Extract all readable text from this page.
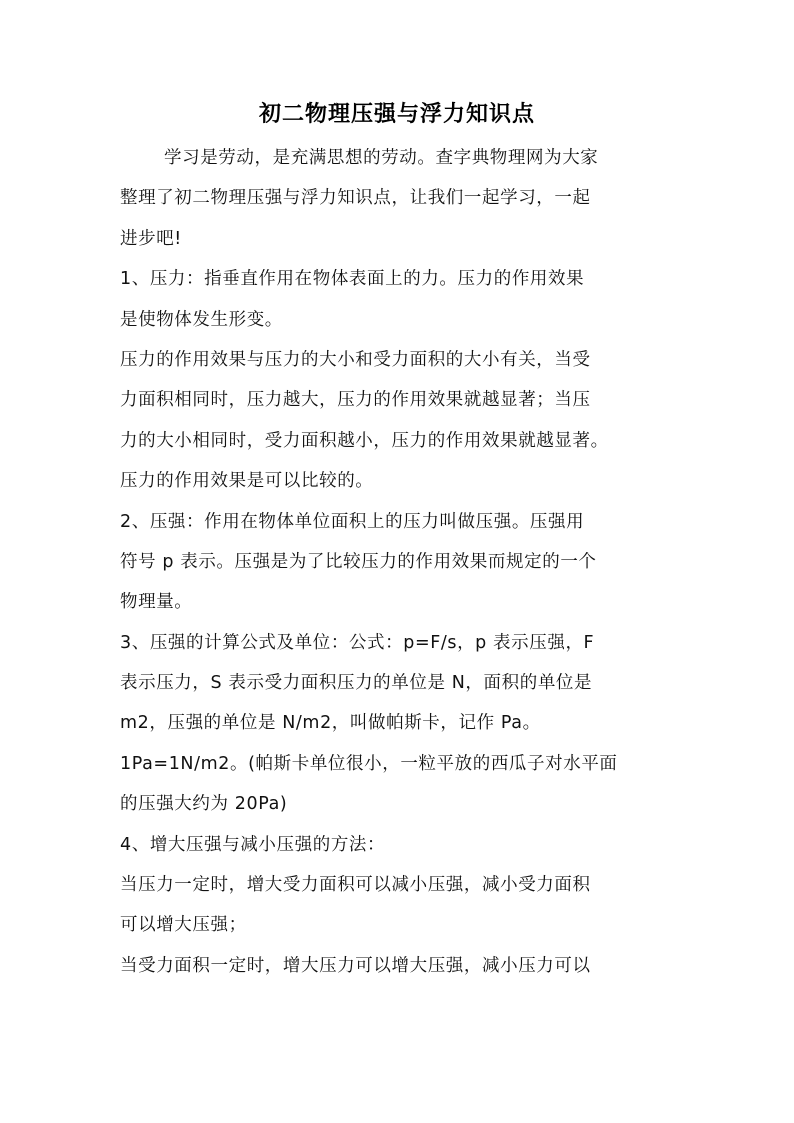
初二物理压强与浮力知识点
学习是劳动，是充满思想的劳动。查字典物理网为大家
整理了初二物理压强与浮力知识点，让我们一起学习，一起
进步吧!
1、压力：指垂直作用在物体表面上的力。压力的作用效果
是使物体发生形变。
压力的作用效果与压力的大小和受力面积的大小有关，当受
力面积相同时，压力越大，压力的作用效果就越显著；当压
力的大小相同时，受力面积越小，压力的作用效果就越显著。
压力的作用效果是可以比较的。
2、压强：作用在物体单位面积上的压力叫做压强。压强用
符号 p 表示。压强是为了比较压力的作用效果而规定的一个
物理量。
3、压强的计算公式及单位：公式：p=F/s，p 表示压强，F
表示压力，S 表示受力面积压力的单位是 N，面积的单位是
m2，压强的单位是 N/m2，叫做帕斯卡，记作 Pa。
1Pa=1N/m2。(帕斯卡单位很小，一粒平放的西瓜子对水平面
的压强大约为 20Pa)
4、增大压强与减小压强的方法：
当压力一定时，增大受力面积可以减小压强，减小受力面积
可以增大压强；
当受力面积一定时，增大压力可以增大压强，减小压力可以
